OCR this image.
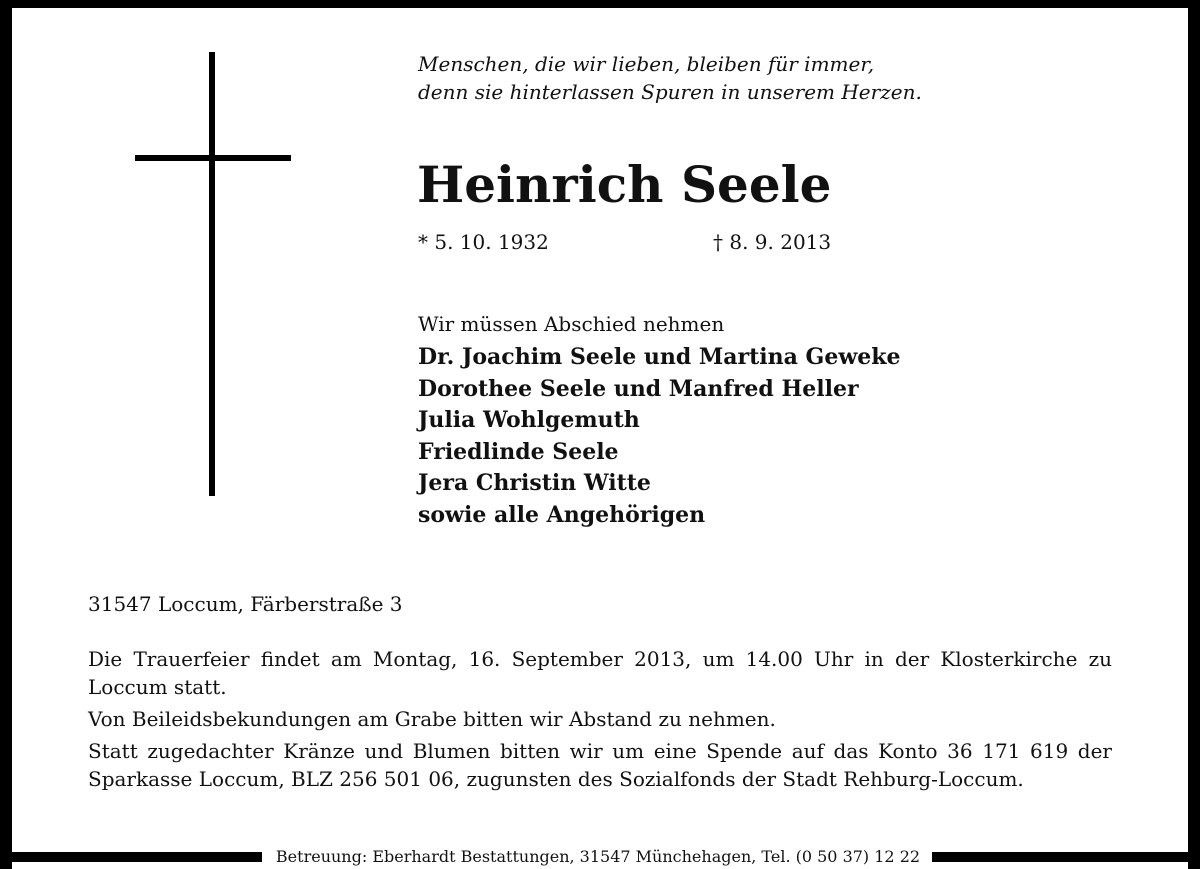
Menschen, die wir lieben, bleiben für immer,
denn sie hinterlassen Spuren in unserem Herzen.
Heinrich Seele
* 5. 10. 1932	† 8. 9. 2013
Wir müssen Abschied nehmen
Dr. Joachim Seele und Martina Geweke
Dorothee Seele und Manfred Heller
Julia Wohlgemuth
Friedlinde Seele
Jera Christin Witte
sowie alle Angehörigen
31547 Loccum, Färberstraße 3

Die Trauerfeier findet am Montag, 16. September 2013, um 14.00 Uhr in der Klosterkirche zu Loccum statt.

Von Beileidsbekundungen am Grabe bitten wir Abstand zu nehmen.

Statt zugedachter Kränze und Blumen bitten wir um eine Spende auf das Konto 36 171 619 der Sparkasse Loccum, BLZ 256 501 06, zugunsten des Sozialfonds der Stadt Rehburg-Loccum.

Betreuung: Eberhardt Bestattungen, 31547 Münchehagen, Tel. (0 50 37) 12 22
